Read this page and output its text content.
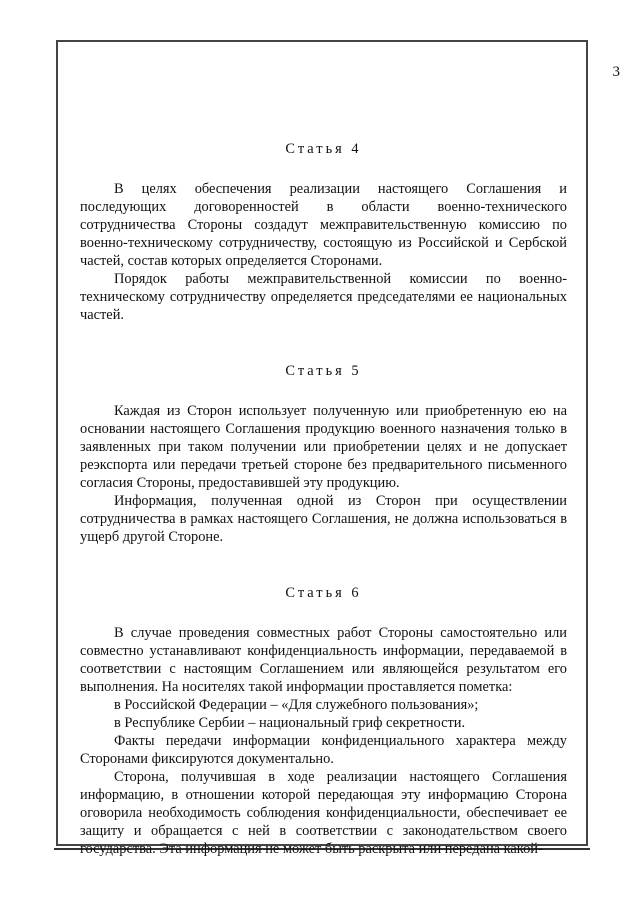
3
Статья 4

В целях обеспечения реализации настоящего Соглашения и последующих договоренностей в области военно-технического сотрудничества Стороны создадут межправительственную комиссию по военно-техническому сотрудничеству, состоящую из Российской и Сербской частей, состав которых определяется Сторонами.

Порядок работы межправительственной комиссии по военно-техническому сотрудничеству определяется председателями ее национальных частей.

Статья 5

Каждая из Сторон использует полученную или приобретенную ею на основании настоящего Соглашения продукцию военного назначения только в заявленных при таком получении или приобретении целях и не допускает реэкспорта или передачи третьей стороне без предварительного письменного согласия Стороны, предоставившей эту продукцию.

Информация, полученная одной из Сторон при осуществлении сотрудничества в рамках настоящего Соглашения, не должна использоваться в ущерб другой Стороне.

Статья 6

В случае проведения совместных работ Стороны самостоятельно или совместно устанавливают конфиденциальность информации, передаваемой в соответствии с настоящим Соглашением или являющейся результатом его выполнения. На носителях такой информации проставляется пометка:

в Российской Федерации – «Для служебного пользования»;

в Республике Сербии – национальный гриф секретности.

Факты передачи информации конфиденциального характера между Сторонами фиксируются документально.

Сторона, получившая в ходе реализации настоящего Соглашения информацию, в отношении которой передающая эту информацию Сторона оговорила необходимость соблюдения конфиденциальности, обеспечивает ее защиту и обращается с ней в соответствии с законодательством своего государства. Эта информация не может быть раскрыта или передана какой-
